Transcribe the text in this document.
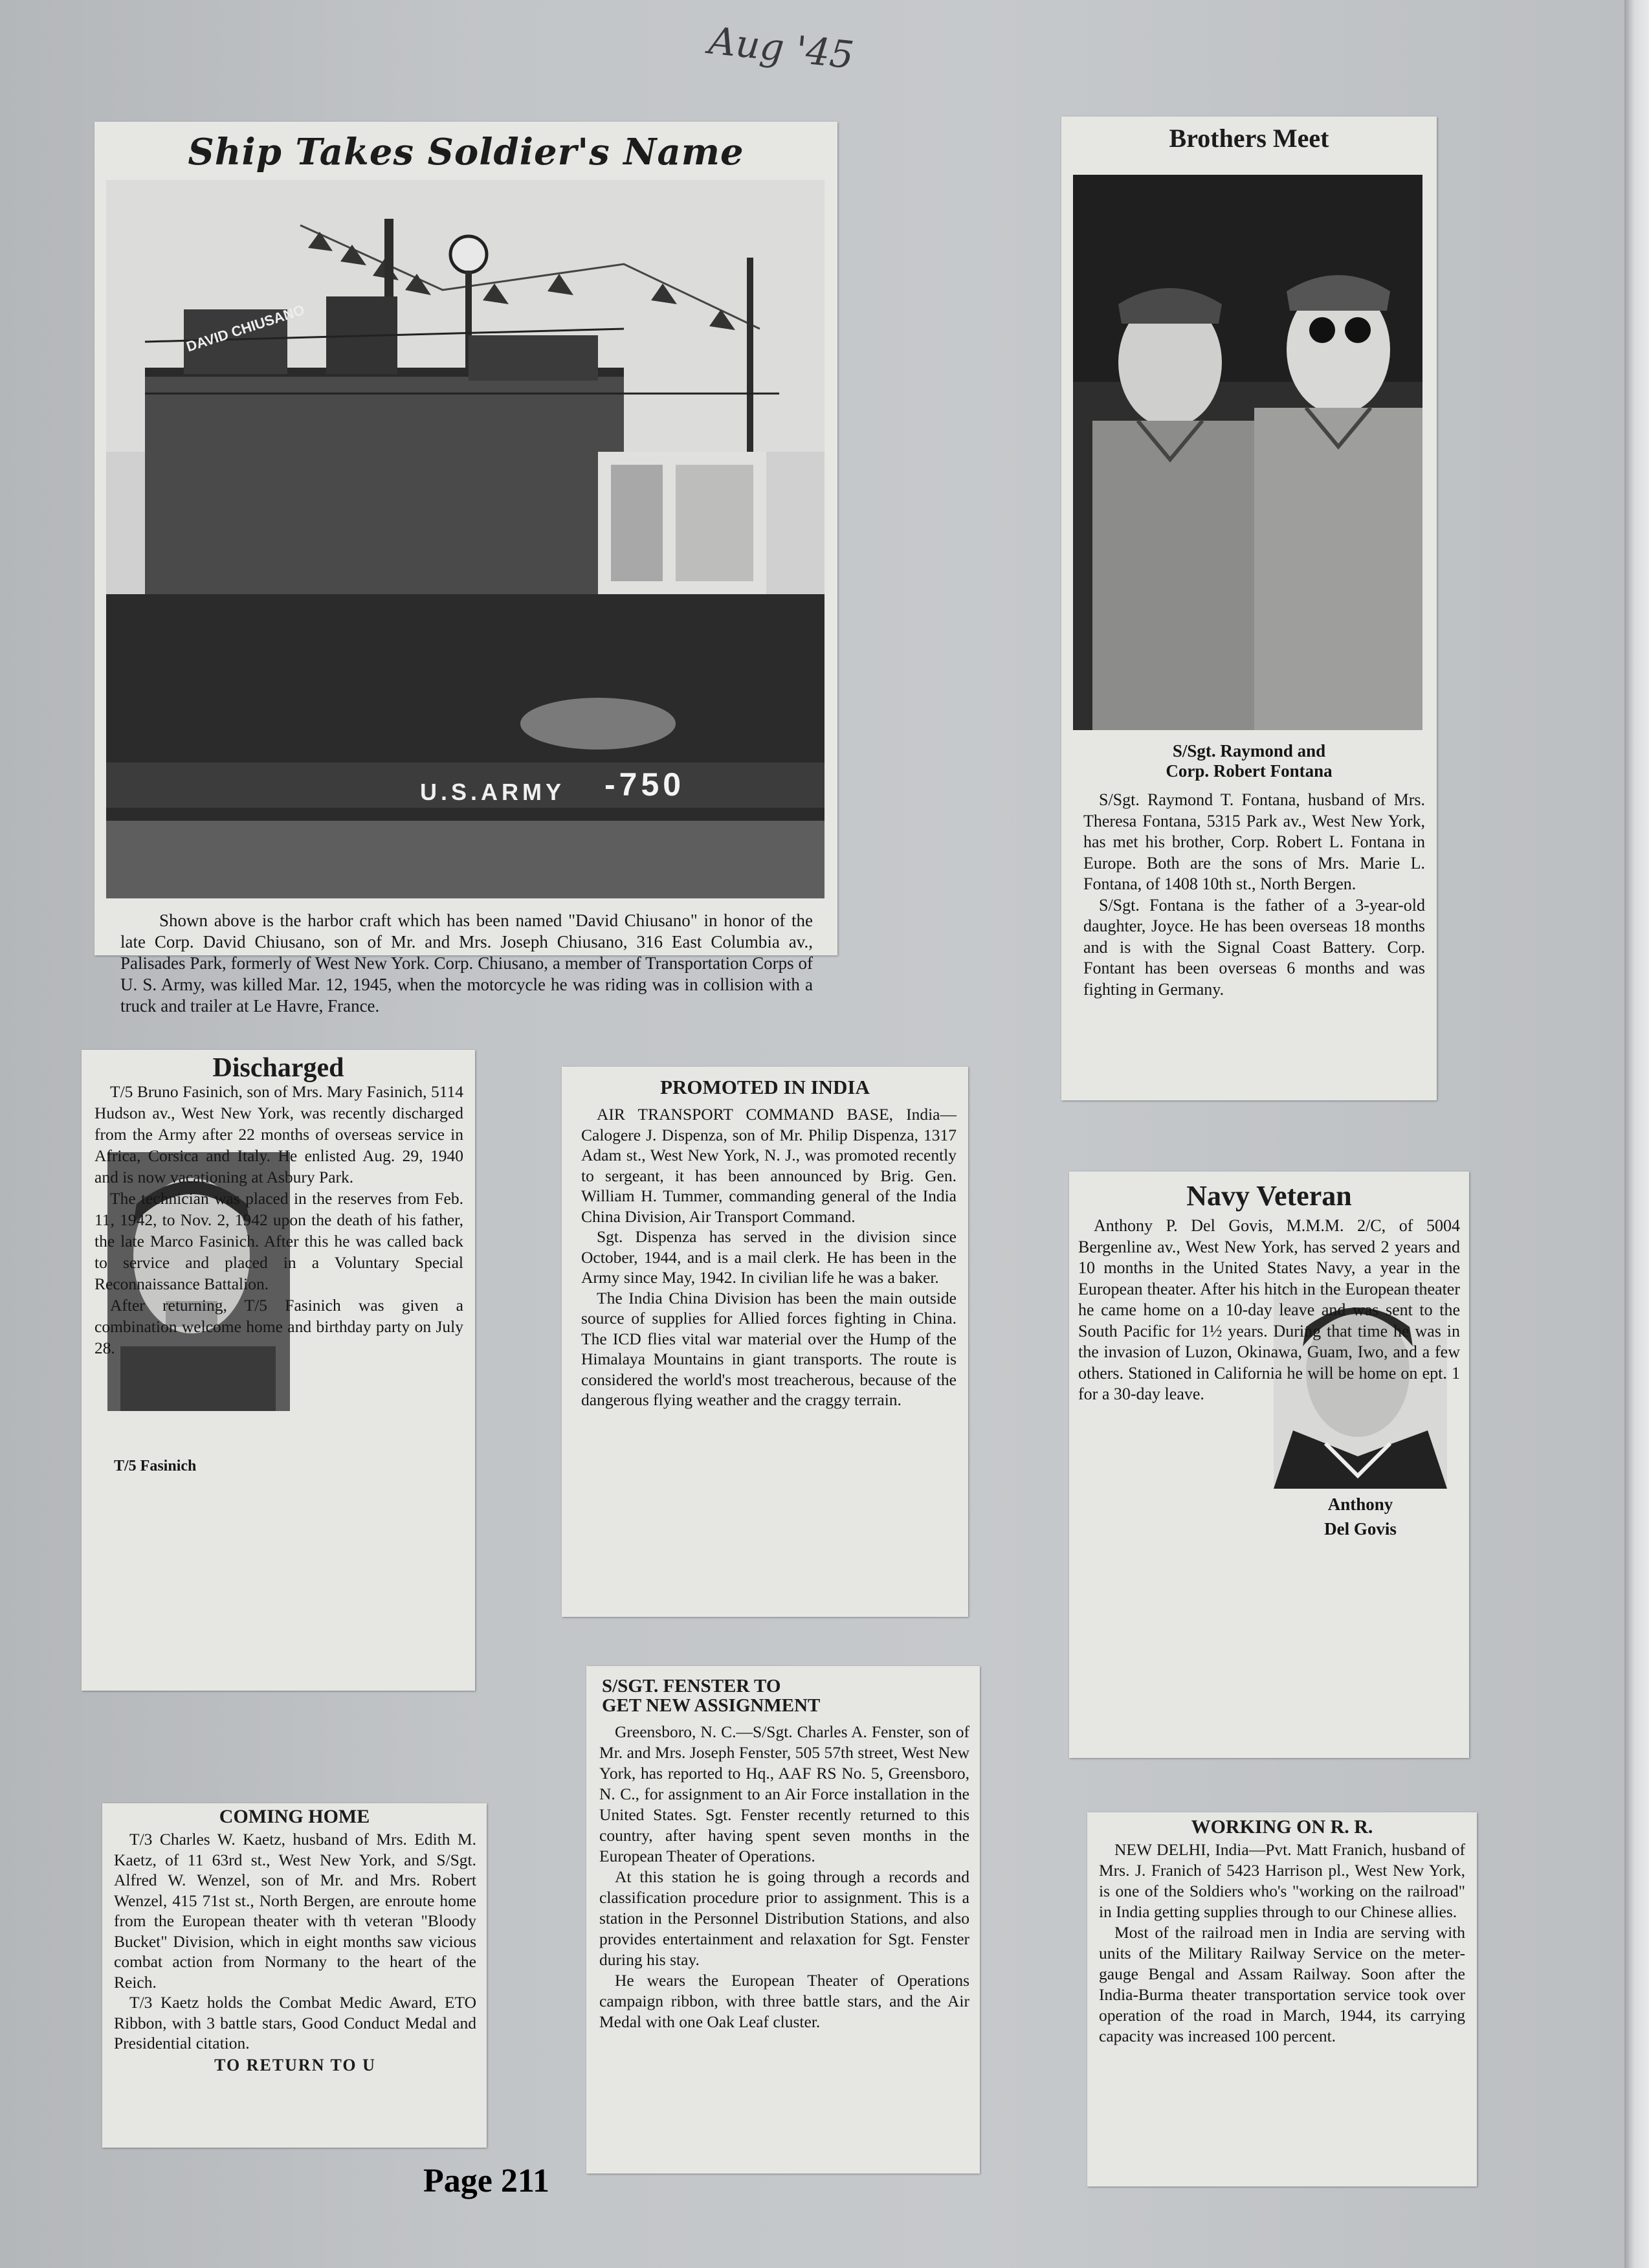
Aug '45
Ship Takes Soldier's Name
DAVID CHIUSANO
U.S.ARMY -750

Shown above is the harbor craft which has been named "David Chiusano" in honor of the late Corp. David Chiusano, son of Mr. and Mrs. Joseph Chiusano, 316 East Columbia av., Palisades Park, formerly of West New York. Corp. Chiusano, a member of Transportation Corps of U. S. Army, was killed Mar. 12, 1945, when the motorcycle he was riding was in collision with a truck and trailer at Le Havre, France.

Brothers Meet
S/Sgt. Raymond and
Corp. Robert Fontana

S/Sgt. Raymond T. Fontana, husband of Mrs. Theresa Fontana, 5315 Park av., West New York, has met his brother, Corp. Robert L. Fontana in Europe. Both are the sons of Mrs. Marie L. Fontana, of 1408 10th st., North Bergen.

S/Sgt. Fontana is the father of a 3-year-old daughter, Joyce. He has been overseas 18 months and is with the Signal Coast Battery. Corp. Fontant has been overseas 6 months and was fighting in Germany.

Discharged
T/5 Fasinich

T/5 Bruno Fasinich, son of Mrs. Mary Fasinich, 5114 Hudson av., West New York, was recently discharged from the Army after 22 months of overseas service in Africa, Corsica and Italy. He enlisted Aug. 29, 1940 and is now vacationing at Asbury Park.

The technician was placed in the reserves from Feb. 11, 1942, to Nov. 2, 1942 upon the death of his father, the late Marco Fasinich. After this he was called back to service and placed in a Voluntary Special Reconnaissance Battalion.

After returning, T/5 Fasinich was given a combination welcome home and birthday party on July 28.

PROMOTED IN INDIA

AIR TRANSPORT COMMAND BASE, India—Calogere J. Dispenza, son of Mr. Philip Dispenza, 1317 Adam st., West New York, N. J., was promoted recently to sergeant, it has been announced by Brig. Gen. William H. Tummer, commanding general of the India China Division, Air Transport Command.

Sgt. Dispenza has served in the division since October, 1944, and is a mail clerk. He has been in the Army since May, 1942. In civilian life he was a baker.

The India China Division has been the main outside source of supplies for Allied forces fighting in China. The ICD flies vital war material over the Hump of the Himalaya Mountains in giant transports. The route is considered the world's most treacherous, because of the dangerous flying weather and the craggy terrain.

Navy Veteran
Anthony
Del Govis

Anthony P. Del Govis, M.M.M. 2/C, of 5004 Bergenline av., West New York, has served 2 years and 10 months in the United States Navy, a year in the European theater. After his hitch in the European theater he came home on a 10-day leave and was sent to the South Pacific for 1½ years. During that time he was in the invasion of Luzon, Okinawa, Guam, Iwo, and a few others. Stationed in California he will be home on ept. 1 for a 30-day leave.

COMING HOME

T/3 Charles W. Kaetz, husband of Mrs. Edith M. Kaetz, of 11 63rd st., West New York, and S/Sgt. Alfred W. Wenzel, son of Mr. and Mrs. Robert Wenzel, 415 71st st., North Bergen, are enroute home from the European theater with th veteran "Bloody Bucket" Division, which in eight months saw vicious combat action from Normany to the heart of the Reich.

T/3 Kaetz holds the Combat Medic Award, ETO Ribbon, with 3 battle stars, Good Conduct Medal and Presidential citation.

TO RETURN TO U
S/SGT. FENSTER TO
GET NEW ASSIGNMENT

Greensboro, N. C.—S/Sgt. Charles A. Fenster, son of Mr. and Mrs. Joseph Fenster, 505 57th street, West New York, has reported to Hq., AAF RS No. 5, Greensboro, N. C., for assignment to an Air Force installation in the United States. Sgt. Fenster recently returned to this country, after having spent seven months in the European Theater of Operations.

At this station he is going through a records and classification procedure prior to assignment. This is a station in the Personnel Distribution Stations, and also provides entertainment and relaxation for Sgt. Fenster during his stay.

He wears the European Theater of Operations campaign ribbon, with three battle stars, and the Air Medal with one Oak Leaf cluster.

WORKING ON R. R.

NEW DELHI, India—Pvt. Matt Franich, husband of Mrs. J. Franich of 5423 Harrison pl., West New York, is one of the Soldiers who's "working on the railroad" in India getting supplies through to our Chinese allies.

Most of the railroad men in India are serving with units of the Military Railway Service on the meter-gauge Bengal and Assam Railway. Soon after the India-Burma theater transportation service took over operation of the road in March, 1944, its carrying capacity was increased 100 percent.

Page 211
